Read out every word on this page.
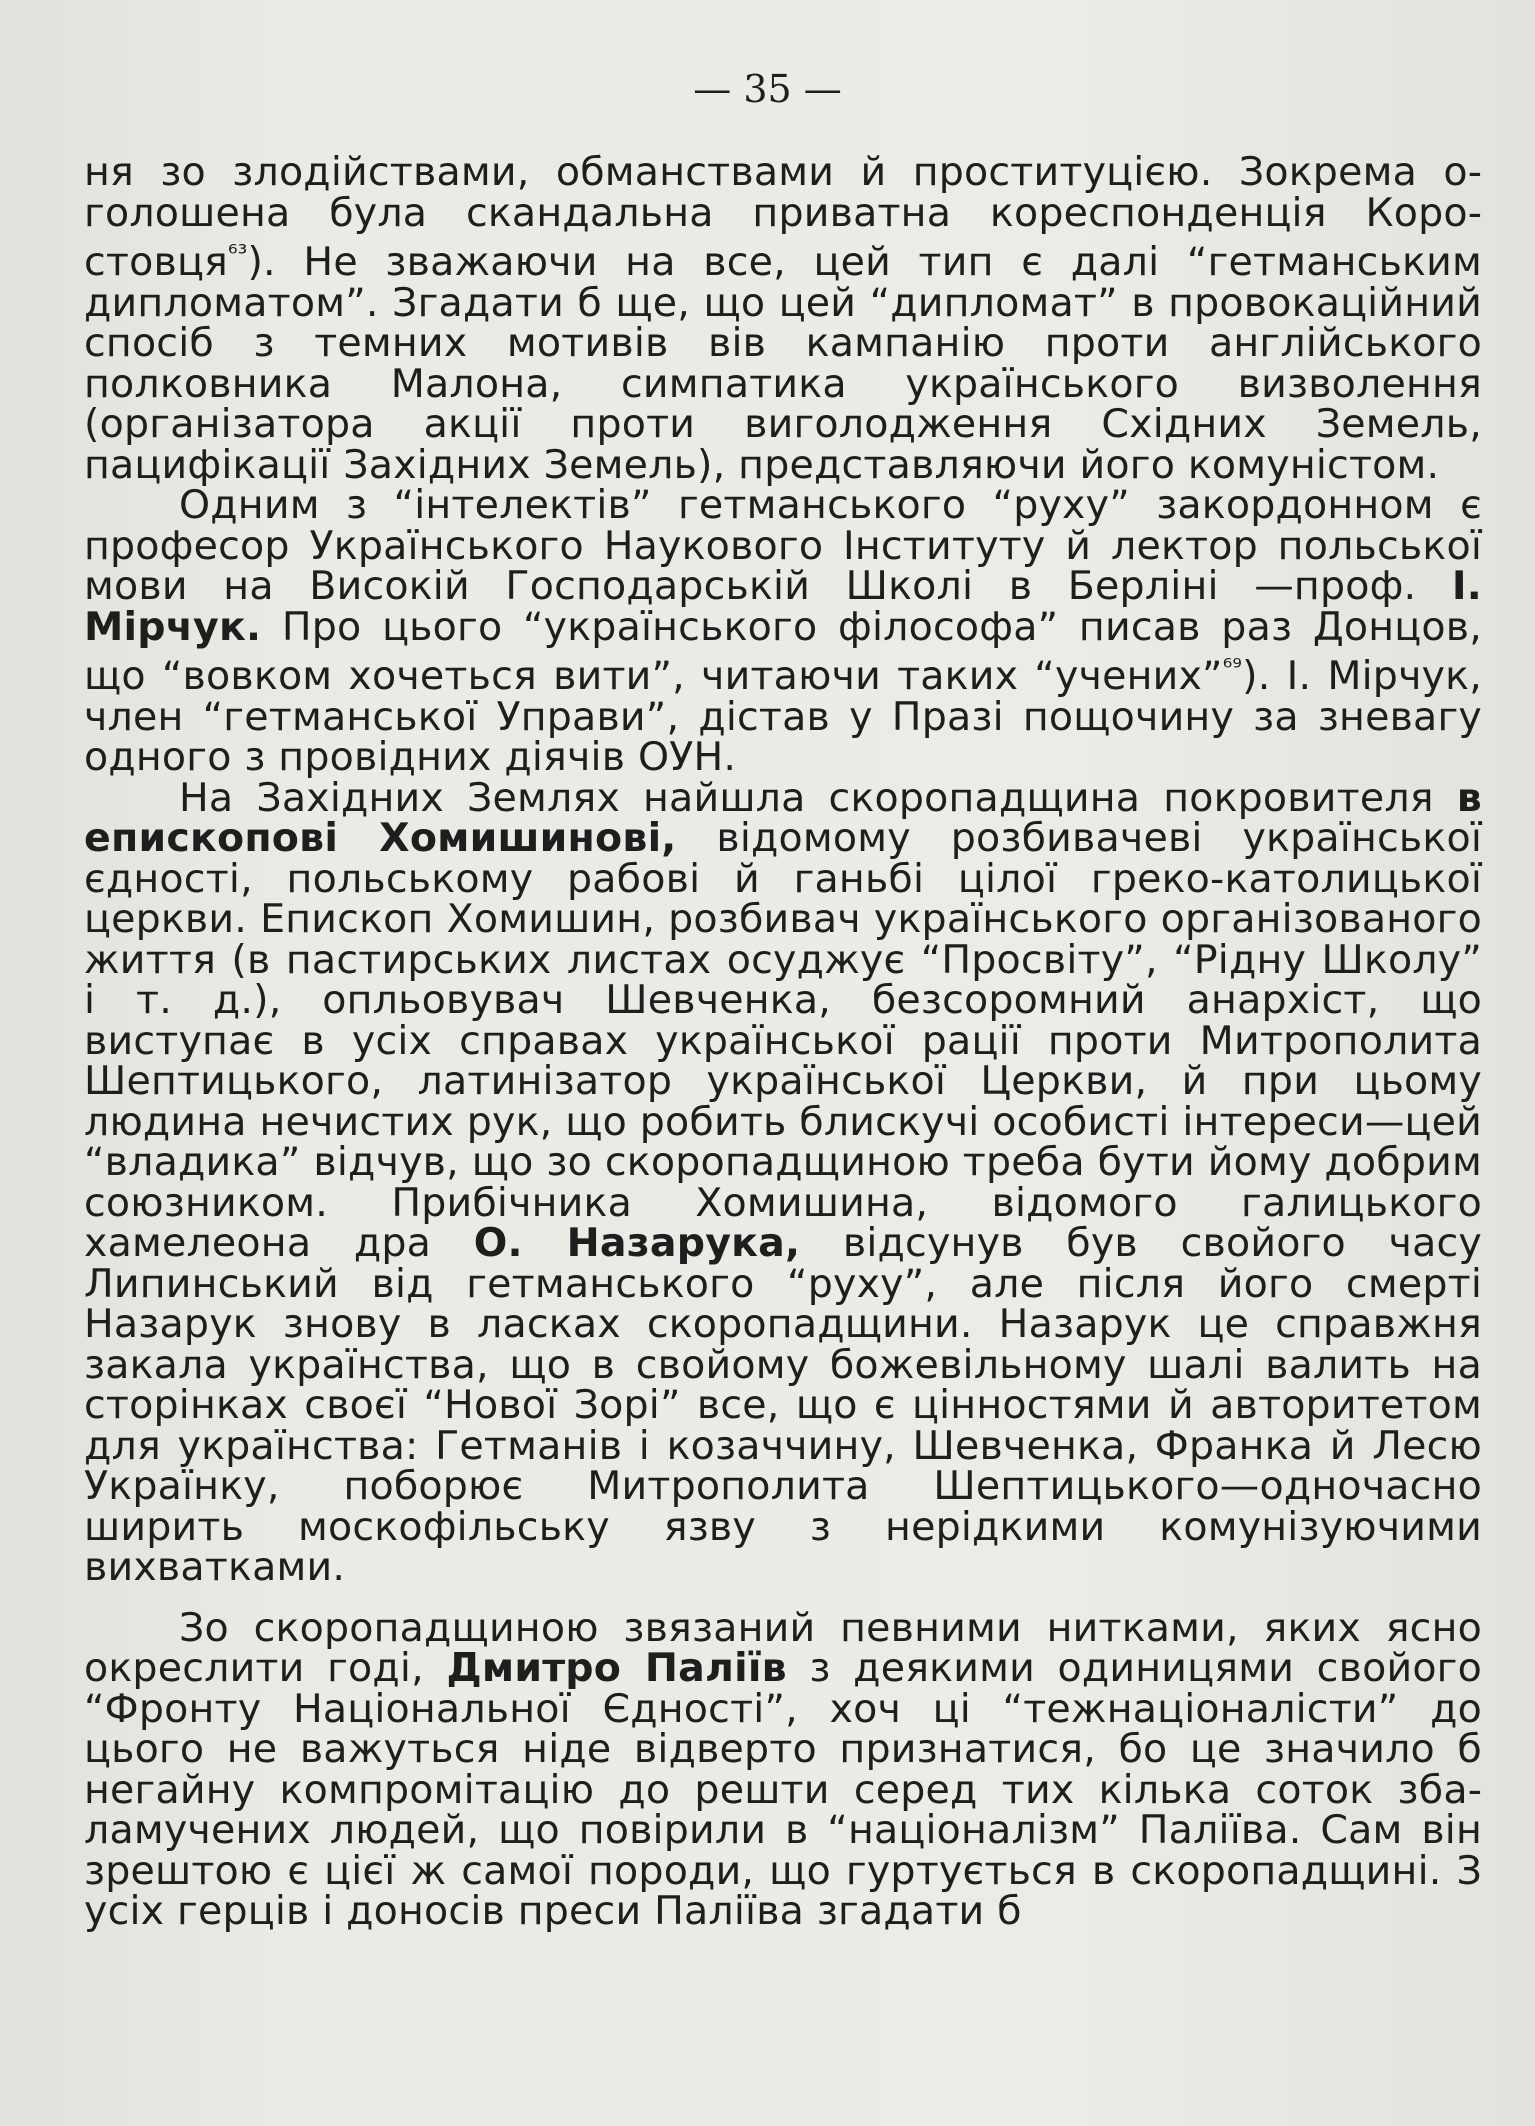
— 35 —

ня зо злодійствами, обманствами й проституцією. Зокрема оголошена була скандальна приватна кореспонденція Коростовця$^{^{63}}$). Не зважаючи на все, цей тип є далі “гетманським дипломатом”. Згадати б ще, що цей “дипломат” в провокаційний спосіб з темних мотивів вів кампанію проти англійського полковника Малона, симпатика українського визволення (організатора акції проти виголодження Східних Земель, пацифікації Західних Земель), представляючи його комуністом.

Одним з “інтелектів” гетманського “руху” закордонном є професор Українського Наукового Інституту й лектор польської мови на Високій Господарській Школі в Берліні —проф. І. Мірчук. Про цього “українського філософа” писав раз Донцов, що “вовком хочеться вити”, читаючи таких “учених”$^{^{69}}$). І. Мірчук, член “гетманської Управи”, дістав у Празі пощочину за зневагу одного з провідних діячів ОУН.

На Західних Землях найшла скоропадщина покровителя в епископові Хомишинові, відомому розбивачеві української єдності, польському рабові й ганьбі цілої греко-католицької церкви. Епископ Хомишин, розбивач українського організованого життя (в пастирських листах осуджує “Просвіту”, “Рідну Школу” і т. д.), опльовувач Шевченка, безсоромний анархіст, що виступає в усіх справах української рації проти Митрополита Шептицького, латинізатор української Церкви, й при цьому людина нечистих рук, що робить блискучі особисті інтереси—цей “владика” відчув, що зо скоропадщиною треба бути йому добрим союзником. Прибічника Хомишина, відомого галицького хамелеона дра О. Назарука, відсунув був свойого часу Липинський від гетманського “руху”, але після його смерті Назарук знову в ласках скоропадщини. Назарук це справжня закала українства, що в свойому божевільному шалі валить на сторінках своєї “Нової Зорі” все, що є цінностями й авторитетом для українства: Гетманів і козаччину, Шевченка, Франка й Лесю Українку, поборює Митрополита Шептицького—одночасно ширить москофільську язву з нерідкими комунізуючими вихватками.

Зо скоропадщиною звязаний певними нитками, яких ясно окреслити годі, Дмитро Паліїв з деякими одиницями свойого “Фронту Національної Єдності”, хоч ці “тежнаціоналісти” до цього не важуться ніде відверто признатися, бо це значило б негайну компромітацію до решти серед тих кілька соток збаламучених людей, що повірили в “націоналізм” Паліїва. Сам він зрештою є цієї ж самої породи, що гуртується в скоропадщині. З усіх герців і доносів преси Паліїва згадати б
